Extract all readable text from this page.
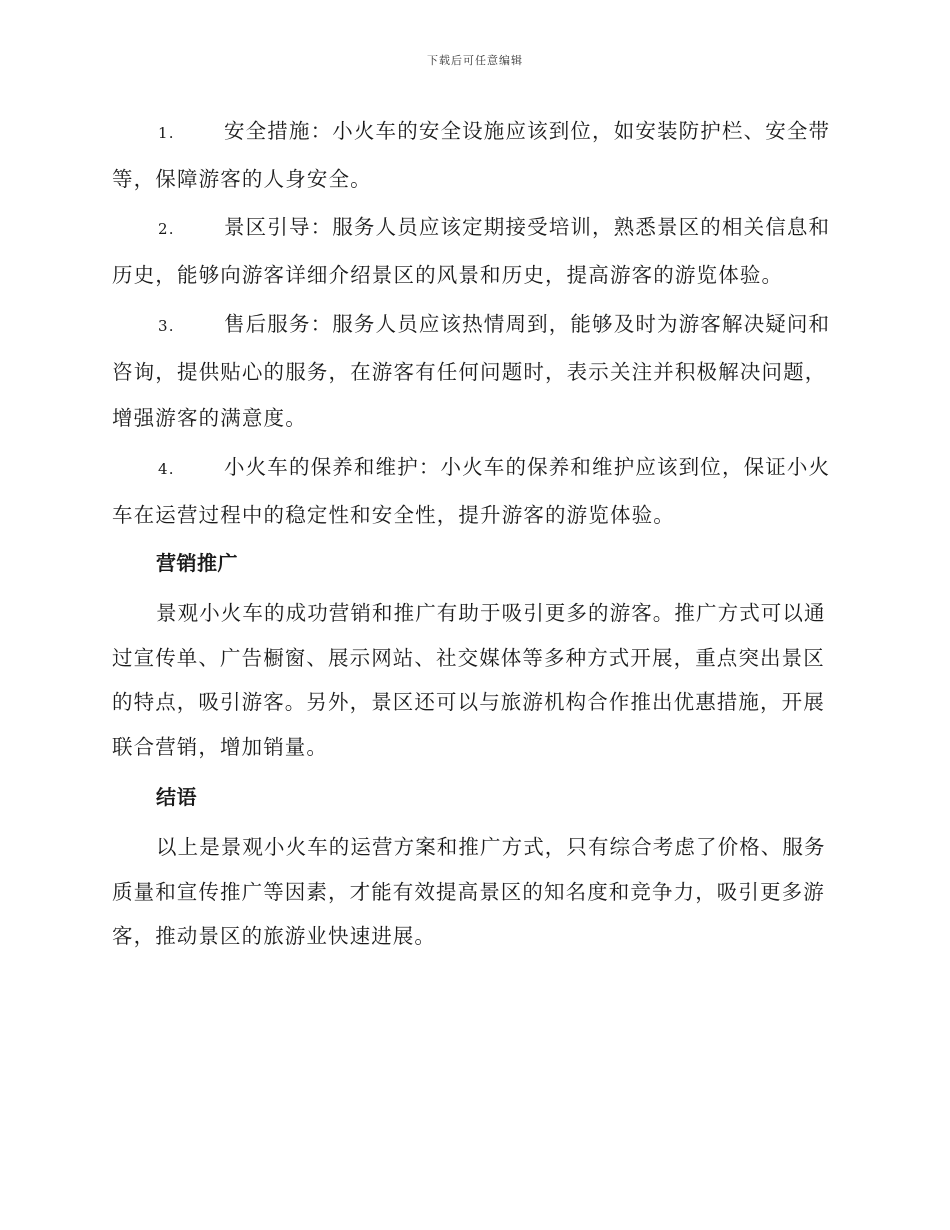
下载后可任意编辑

1. 安全措施：小火车的安全设施应该到位，如安装防护栏、安全带等，保障游客的人身安全。

2. 景区引导：服务人员应该定期接受培训，熟悉景区的相关信息和历史，能够向游客详细介绍景区的风景和历史，提高游客的游览体验。

3. 售后服务：服务人员应该热情周到，能够及时为游客解决疑问和咨询，提供贴心的服务，在游客有任何问题时，表示关注并积极解决问题，增强游客的满意度。

4. 小火车的保养和维护：小火车的保养和维护应该到位，保证小火车在运营过程中的稳定性和安全性，提升游客的游览体验。

营销推广

景观小火车的成功营销和推广有助于吸引更多的游客。推广方式可以通过宣传单、广告橱窗、展示网站、社交媒体等多种方式开展，重点突出景区的特点，吸引游客。另外，景区还可以与旅游机构合作推出优惠措施，开展联合营销，增加销量。

结语

以上是景观小火车的运营方案和推广方式，只有综合考虑了价格、服务质量和宣传推广等因素，才能有效提高景区的知名度和竞争力，吸引更多游客，推动景区的旅游业快速进展。
